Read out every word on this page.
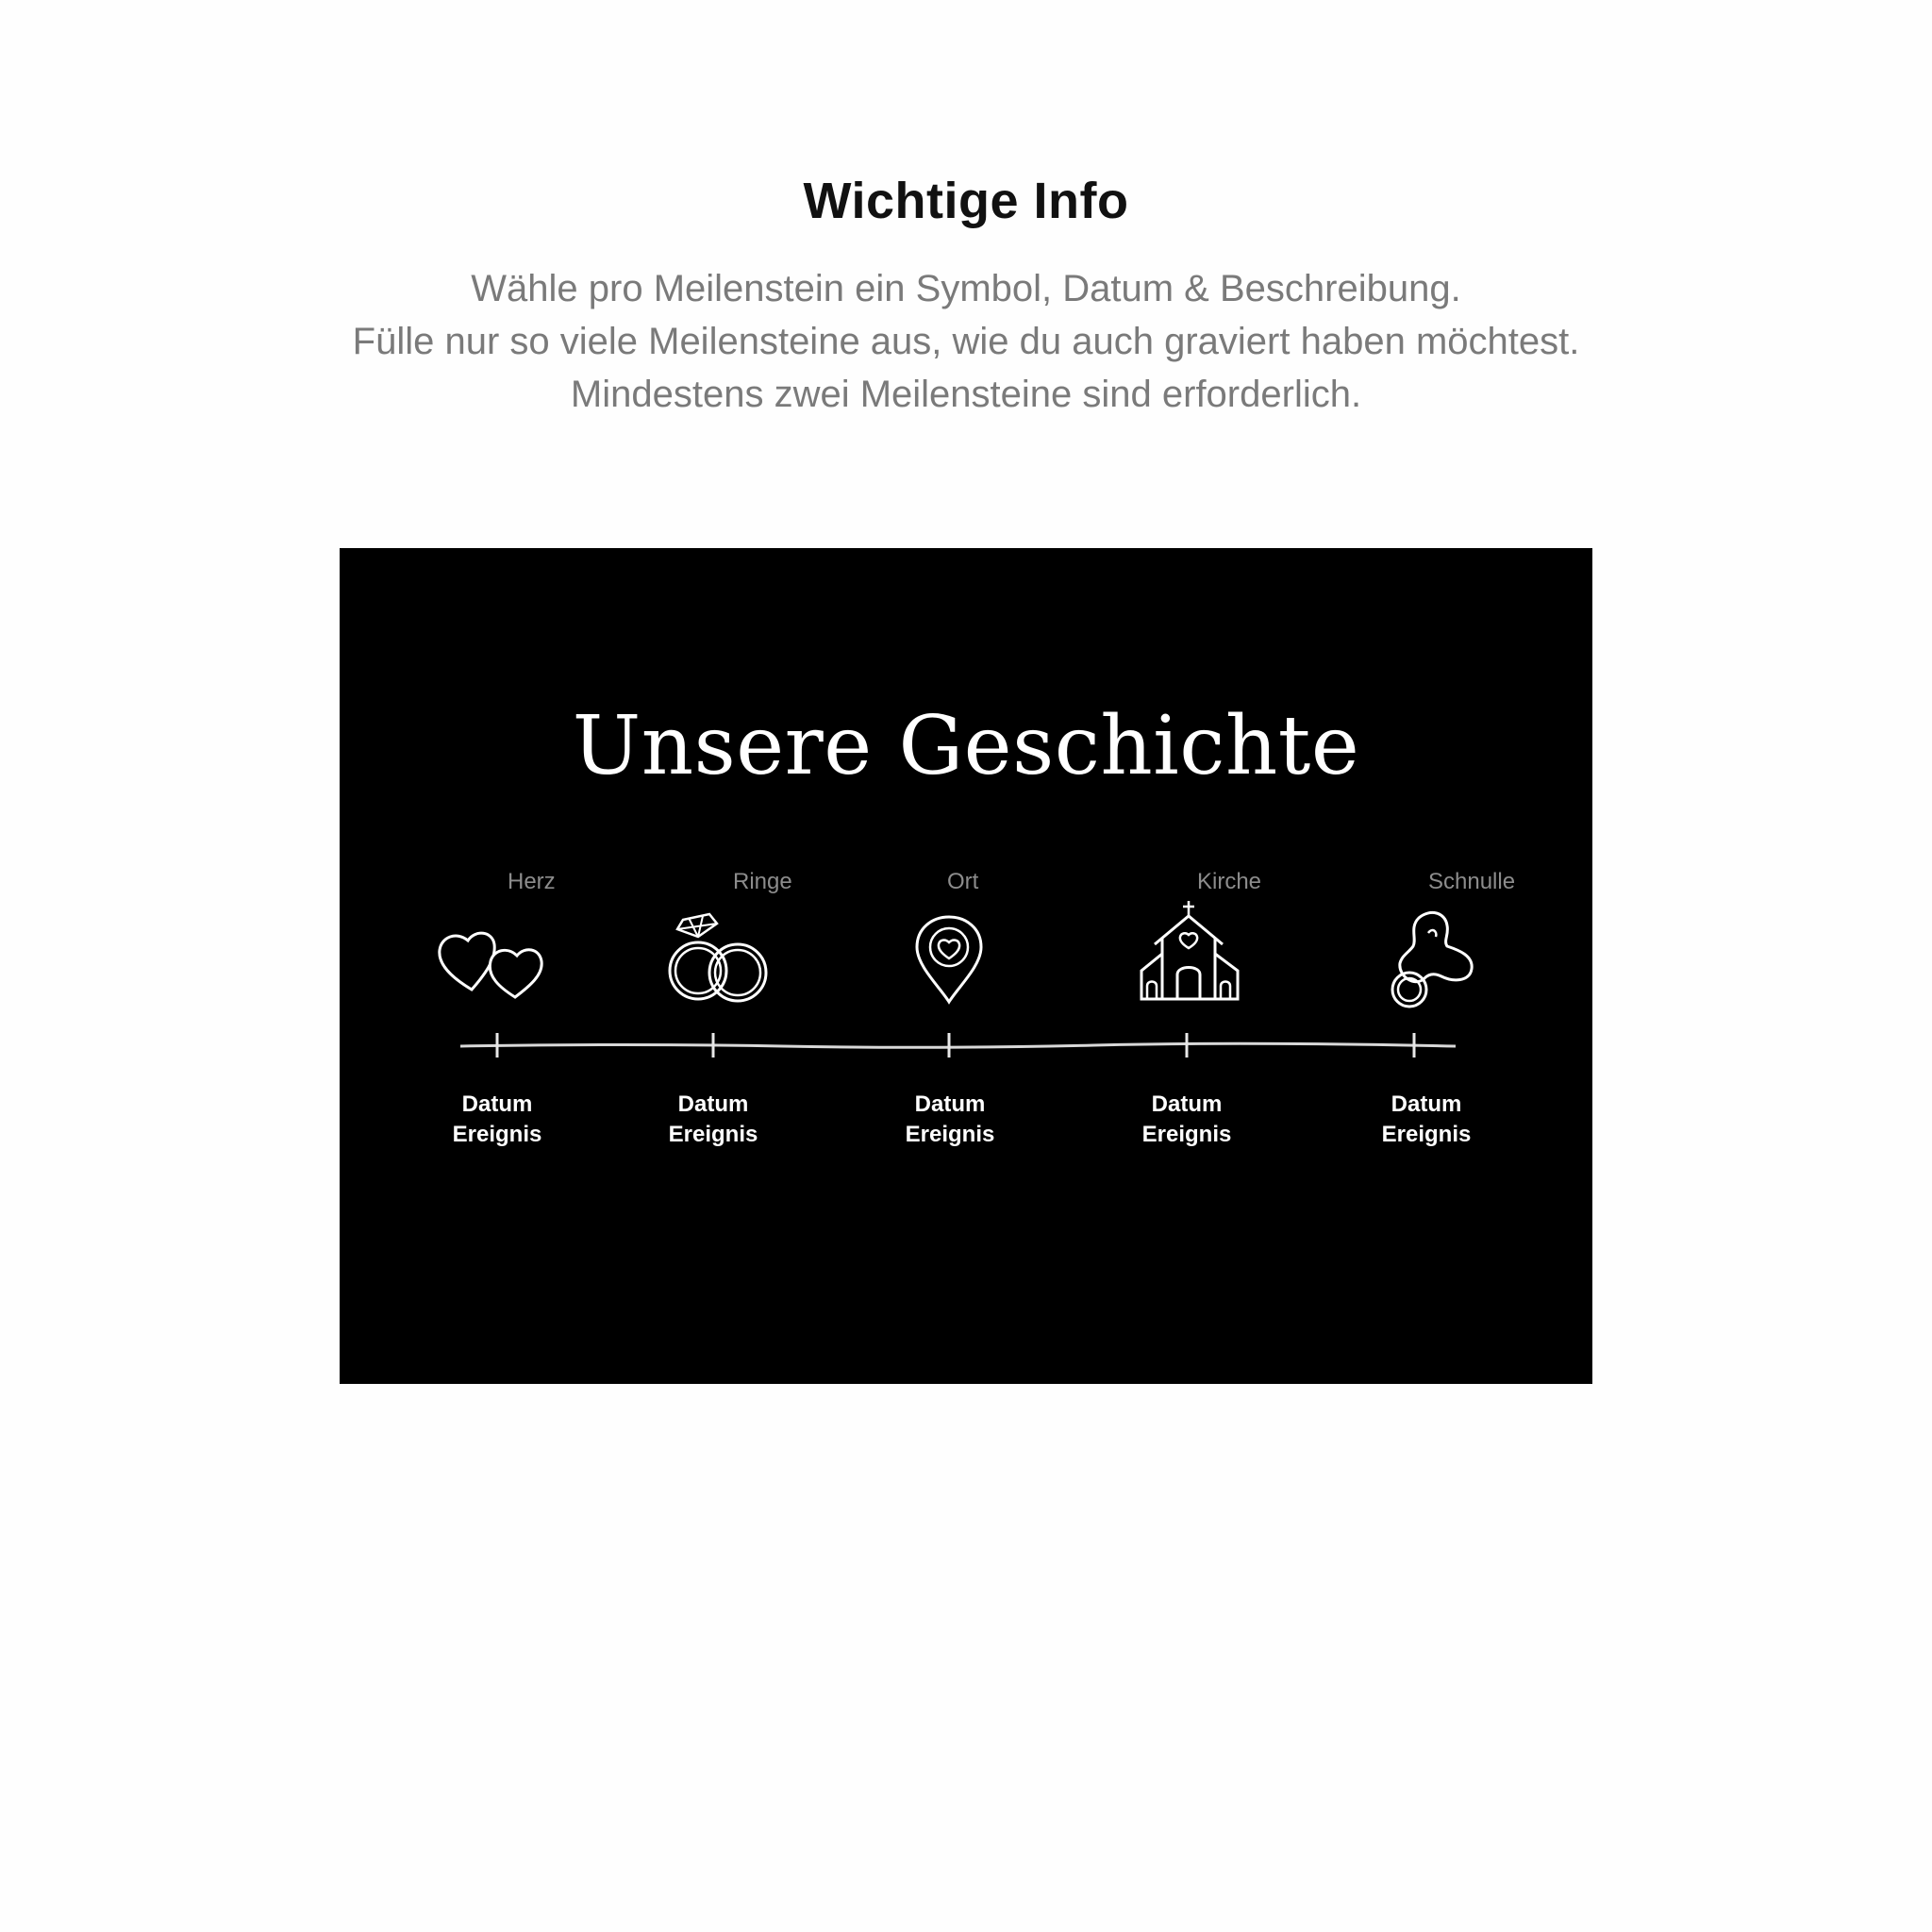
Wichtige Info
Wähle pro Meilenstein ein Symbol, Datum & Beschreibung.
Fülle nur so viele Meilensteine aus, wie du auch graviert haben möchtest.
Mindestens zwei Meilensteine sind erforderlich.
Unsere Geschichte
Herz	Ringe	Ort	Kirche	Schnulle
Datum
Ereignis
Datum
Ereignis
Datum
Ereignis
Datum
Ereignis
Datum
Ereignis
